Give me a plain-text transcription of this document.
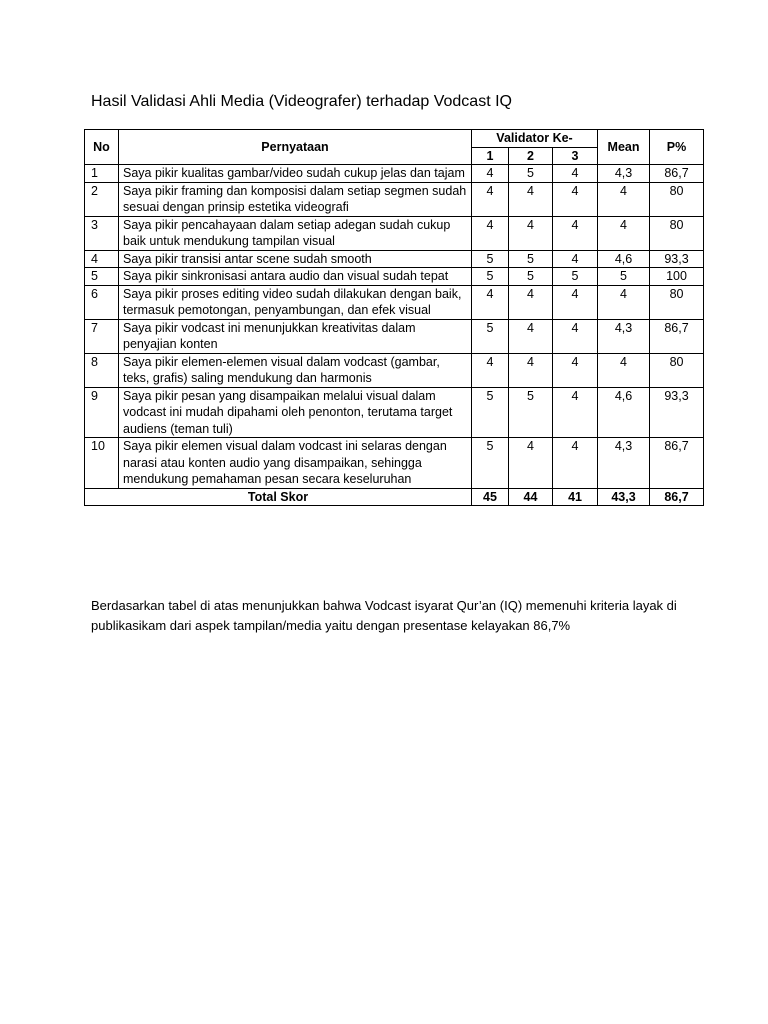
Hasil Validasi Ahli Media (Videografer) terhadap Vodcast IQ
No	Pernyataan	Validator Ke-			Mean	P%
		1	2	3		
1	Saya pikir kualitas gambar/video sudah cukup jelas dan tajam	4	5	4	4,3	86,7
2	Saya pikir framing dan komposisi dalam setiap segmen sudah sesuai dengan prinsip estetika videografi	4	4	4	4	80
3	Saya pikir pencahayaan dalam setiap adegan sudah cukup baik untuk mendukung tampilan visual	4	4	4	4	80
4	Saya pikir transisi antar scene sudah smooth	5	5	4	4,6	93,3
5	Saya pikir sinkronisasi antara audio dan visual sudah tepat	5	5	5	5	100
6	Saya pikir proses editing video sudah dilakukan dengan baik, termasuk pemotongan, penyambungan, dan efek visual	4	4	4	4	80
7	Saya pikir vodcast ini menunjukkan kreativitas dalam penyajian konten	5	4	4	4,3	86,7
8	Saya pikir elemen-elemen visual dalam vodcast (gambar, teks, grafis) saling mendukung dan harmonis	4	4	4	4	80
9	Saya pikir pesan yang disampaikan melalui visual dalam vodcast ini mudah dipahami oleh penonton, terutama target audiens (teman tuli)	5	5	4	4,6	93,3
10	Saya pikir elemen visual dalam vodcast ini selaras dengan narasi atau konten audio yang disampaikan, sehingga mendukung pemahaman pesan secara keseluruhan	5	4	4	4,3	86,7
Total Skor		45	44	41	43,3	86,7
Berdasarkan tabel di atas menunjukkan bahwa Vodcast isyarat Qur’an (IQ) memenuhi kriteria layak di publikasikam dari aspek tampilan/media yaitu dengan presentase kelayakan 86,7%
